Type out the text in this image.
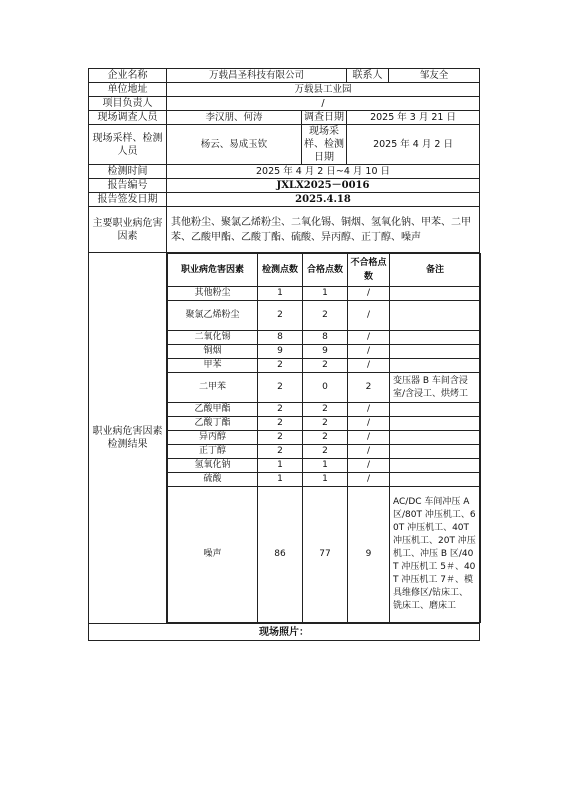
企业名称	万载昌圣科技有限公司	联系人	邹友全
单位地址	万载县工业园
项目负责人	/
现场调查人员	李汉朋、何涛	调查日期	2025 年 3 月 21 日
现场采样、检测人员	杨云、易成玉钦	现场采样、检测日期	2025 年 4 月 2 日
检测时间	2025 年 4 月 2 日~4 月 10 日
报告编号	JXLX2025－0016
报告签发日期	2025.4.18
主要职业病危害因素	其他粉尘、聚氯乙烯粉尘、二氧化锡、铜烟、氢氧化钠、甲苯、二甲苯、乙酸甲酯、乙酸丁酯、硫酸、异丙醇、正丁醇、噪声
职业病危害因素检测结果	
职业病危害因素	检测点数	合格点数	不合格点数	备注
其他粉尘	1	1	/	
聚氯乙烯粉尘	2	2	/	
二氧化锡	8	8	/	
铜烟	9	9	/	
甲苯	2	2	/	
二甲苯	2	0	2	变压器 B 车间含浸室/含浸工、烘烤工
乙酸甲酯	2	2	/	
乙酸丁酯	2	2	/	
异丙醇	2	2	/	
正丁醇	2	2	/	
氢氧化钠	1	1	/	
硫酸	1	1	/	
噪声	86	77	9	AC/DC 车间冲压 A 区/80T 冲压机工、60T 冲压机工、40T 冲压机工、20T 冲压机工、冲压 B 区/40T 冲压机工 5＃、40T 冲压机工 7＃、模具维修区/钻床工、铣床工、磨床工

现场照片：
